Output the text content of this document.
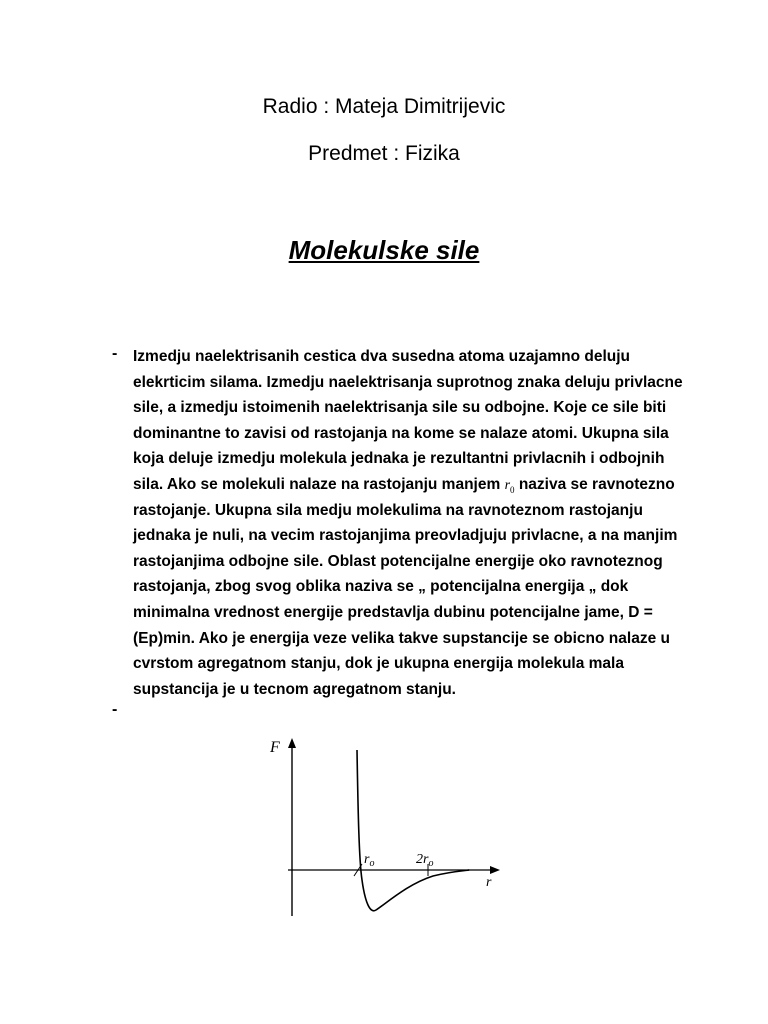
Radio : Mateja Dimitrijevic
Predmet : Fizika
Molekulske sile
-
-
Izmedju naelektrisanih cestica dva susedna atoma uzajamno deluju
elekrticim silama. Izmedju naelektrisanja suprotnog znaka deluju privlacne
sile, a izmedju istoimenih naelektrisanja sile su odbojne. Koje ce sile biti
dominantne to zavisi od rastojanja na kome se nalaze atomi. Ukupna sila
koja deluje izmedju molekula jednaka je rezultantni privlacnih i odbojnih
sila. Ako se molekuli nalaze na rastojanju manjem $r_0$ naziva se ravnotezno
rastojanje. Ukupna sila medju molekulima na ravnoteznom rastojanju
jednaka je nuli, na vecim rastojanjima preovladjuju privlacne, a na manjim
rastojanjima odbojne sile. Oblast potencijalne energije oko ravnoteznog
rastojanja, zbog svog oblika naziva se „ potencijalna energija „ dok
minimalna vrednost energije predstavlja dubinu potencijalne jame, D =
(Ep)min. Ako je energija veze velika takve supstancije se obicno nalaze u
cvrstom agregatnom stanju, dok je ukupna energija molekula mala
supstancija je u tecnom agregatnom stanju.
F
r
$r_o$	$2r_o$
